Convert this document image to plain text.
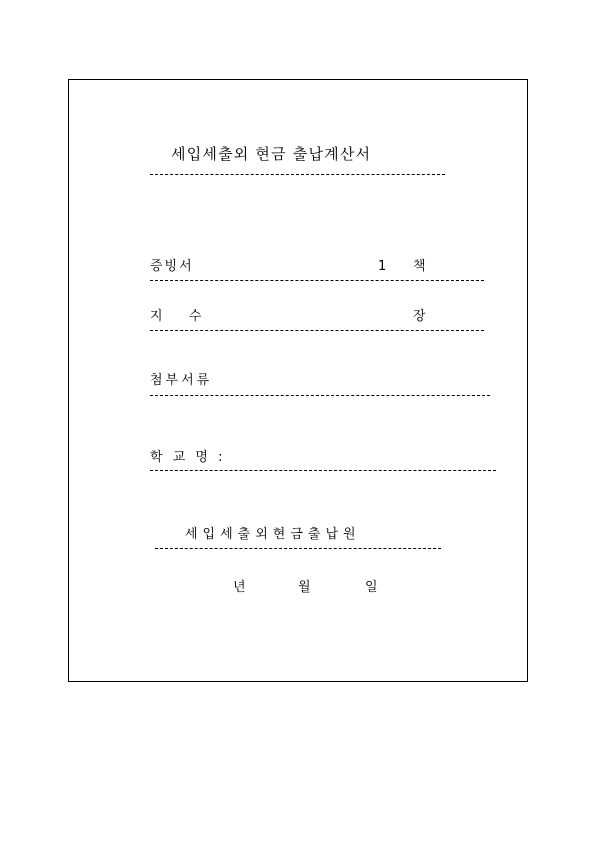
세입세출외 현금 출납계산서
증빙서	1 책
지  수	장
첨부서류
학 교 명 :
세입세출외현금출납원
년	월	일
